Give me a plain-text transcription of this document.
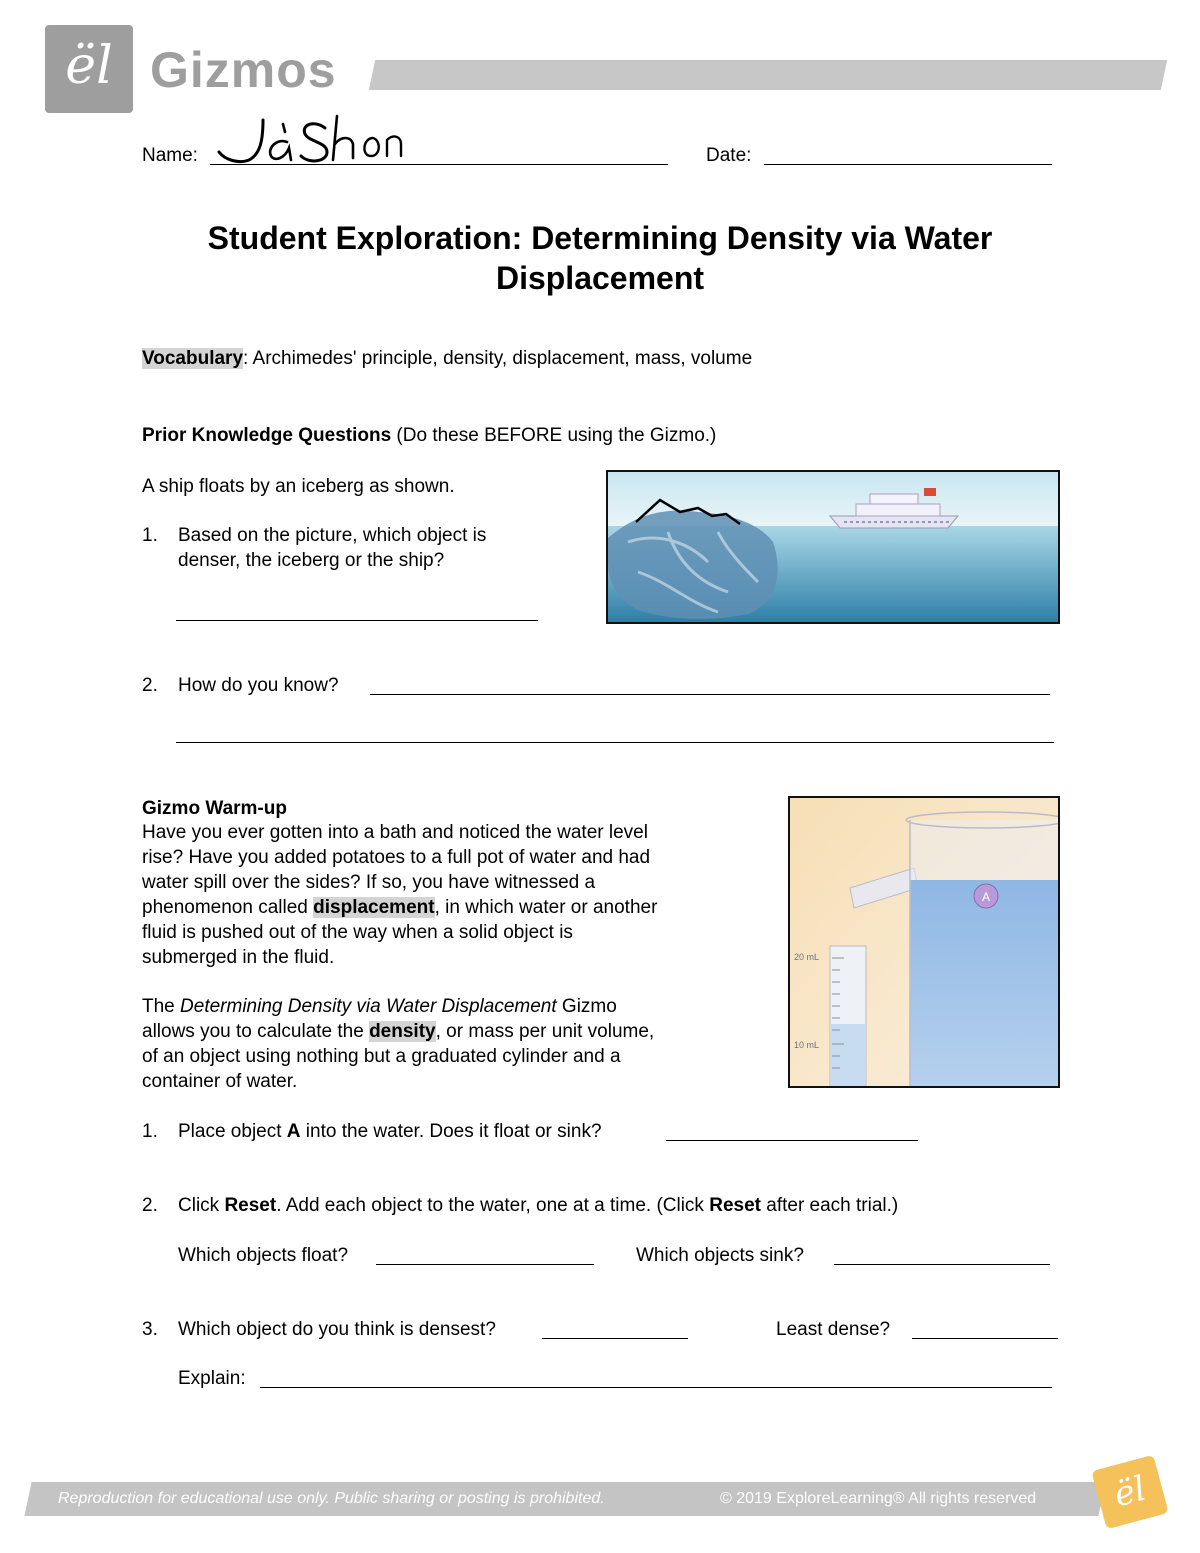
ël Gizmos
Name:	Date:
Student Exploration: Determining Density via Water
Displacement
Vocabulary: Archimedes' principle, density, displacement, mass, volume
Prior Knowledge Questions (Do these BEFORE using the Gizmo.)
A ship floats by an iceberg as shown.
1. Based on the picture, which object is
denser, the iceberg or the ship?
2. How do you know?
Gizmo Warm-up
Have you ever gotten into a bath and noticed the water level
rise? Have you added potatoes to a full pot of water and had
water spill over the sides? If so, you have witnessed a
phenomenon called displacement, in which water or another
fluid is pushed out of the way when a solid object is
submerged in the fluid.
The Determining Density via Water Displacement Gizmo
allows you to calculate the density, or mass per unit volume,
of an object using nothing but a graduated cylinder and a
container of water.
A
20 mL
10 mL
1. Place object A into the water. Does it float or sink?
2. Click Reset. Add each object to the water, one at a time. (Click Reset after each trial.)
Which objects float?	Which objects sink?
3. Which object do you think is densest?	Least dense?
Explain:
Reproduction for educational use only. Public sharing or posting is prohibited.	© 2019 ExploreLearning® All rights reserved	ël
